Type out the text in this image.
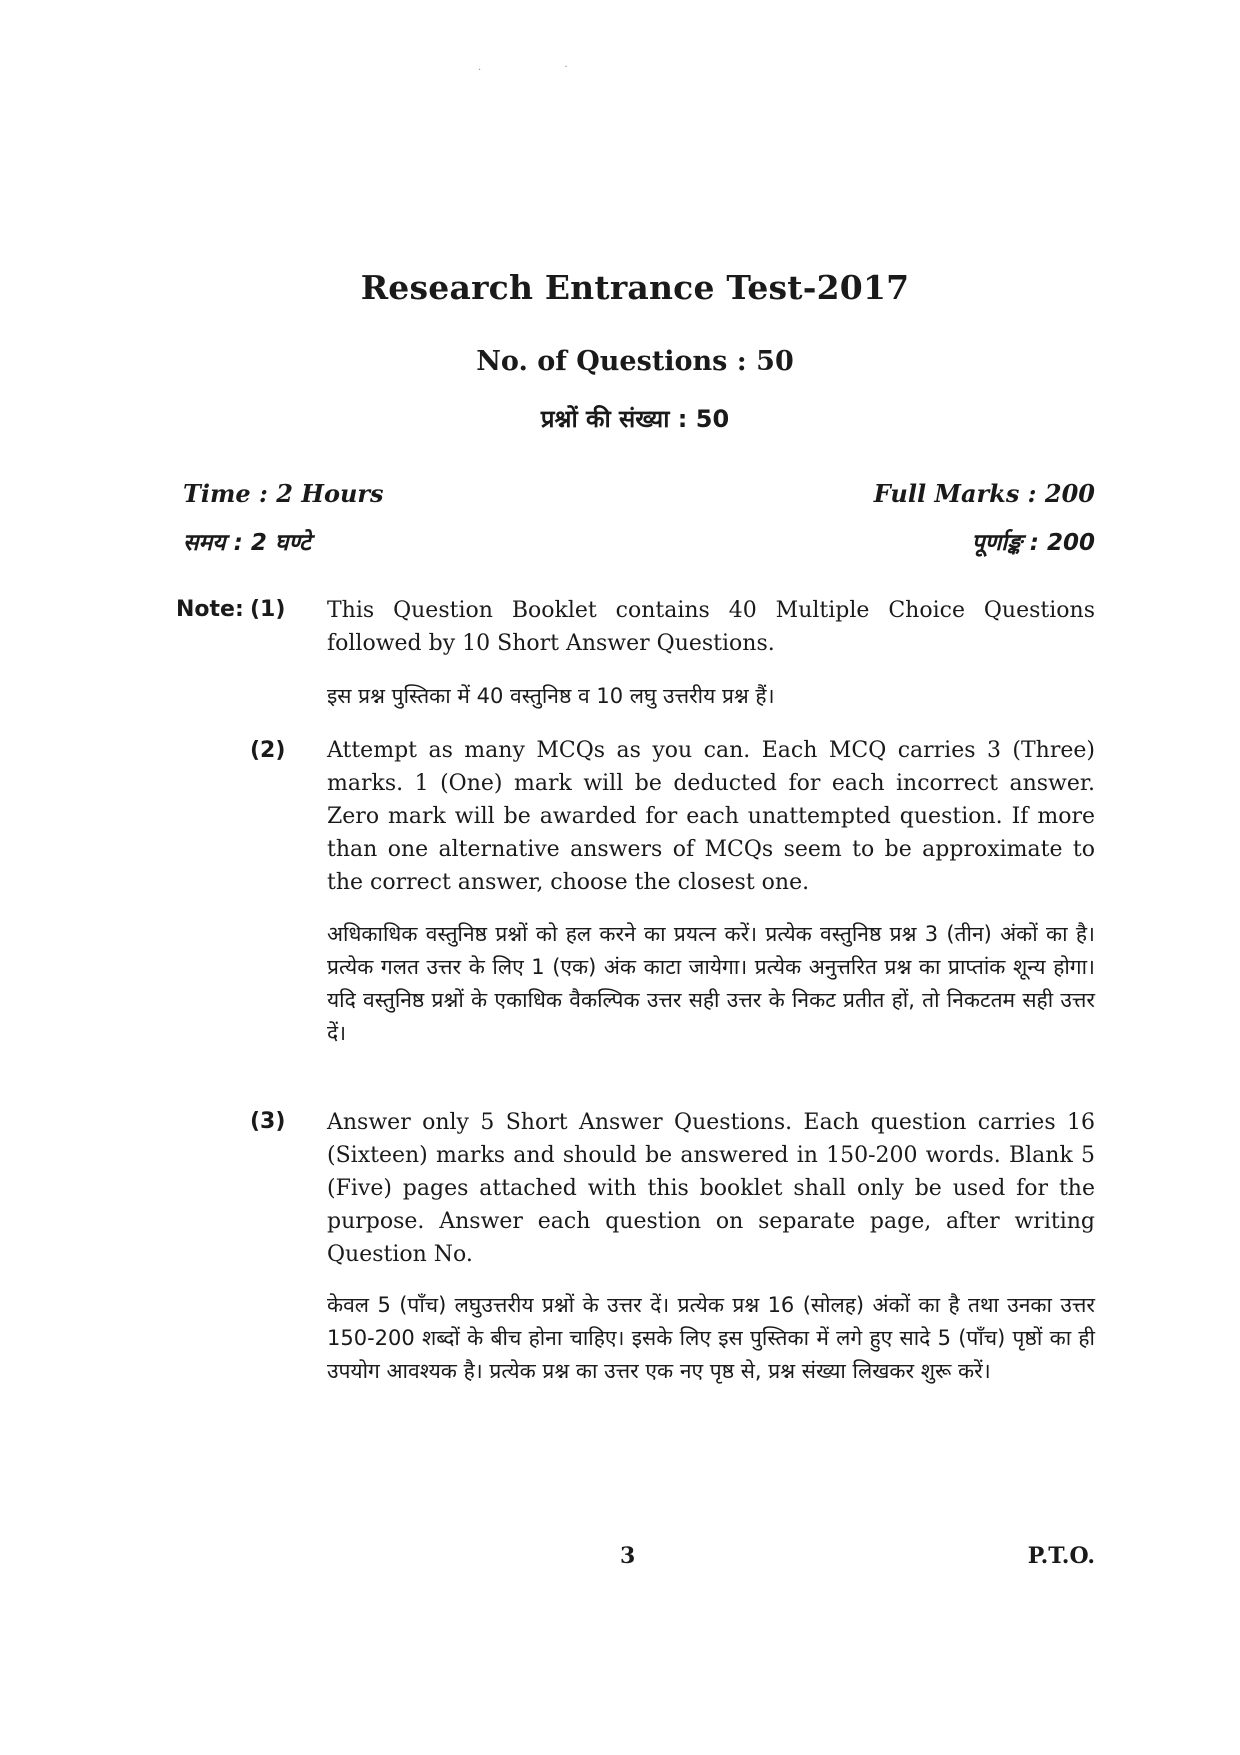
. ·
Research Entrance Test-2017
No. of Questions : 50
प्रश्नों की संख्या : 50
Time : 2 Hours
समय : 2 घण्टे
Full Marks : 200
पूर्णाङ्क : 200
Note: (1) This Question Booklet contains 40 Multiple Choice Questions followed by 10 Short Answer Questions.
इस प्रश्न पुस्तिका में 40 वस्तुनिष्ठ व 10 लघु उत्तरीय प्रश्न हैं।
(2) Attempt as many MCQs as you can. Each MCQ carries 3 (Three) marks. 1 (One) mark will be deducted for each incorrect answer. Zero mark will be awarded for each unattempted question. If more than one alternative answers of MCQs seem to be approximate to the correct answer, choose the closest one.
अधिकाधिक वस्तुनिष्ठ प्रश्नों को हल करने का प्रयत्न करें। प्रत्येक वस्तुनिष्ठ प्रश्न 3 (तीन) अंकों का है। प्रत्येक गलत उत्तर के लिए 1 (एक) अंक काटा जायेगा। प्रत्येक अनुत्तरित प्रश्न का प्राप्तांक शून्य होगा। यदि वस्तुनिष्ठ प्रश्नों के एकाधिक वैकल्पिक उत्तर सही उत्तर के निकट प्रतीत हों, तो निकटतम सही उत्तर दें।
(3) Answer only 5 Short Answer Questions. Each question carries 16 (Sixteen) marks and should be answered in 150-200 words. Blank 5 (Five) pages attached with this booklet shall only be used for the purpose. Answer each question on separate page, after writing Question No.
केवल 5 (पाँच) लघुउत्तरीय प्रश्नों के उत्तर दें। प्रत्येक प्रश्न 16 (सोलह) अंकों का है तथा उनका उत्तर 150-200 शब्दों के बीच होना चाहिए। इसके लिए इस पुस्तिका में लगे हुए सादे 5 (पाँच) पृष्ठों का ही उपयोग आवश्यक है। प्रत्येक प्रश्न का उत्तर एक नए पृष्ठ से, प्रश्न संख्या लिखकर शुरू करें।
3	P.T.O.
